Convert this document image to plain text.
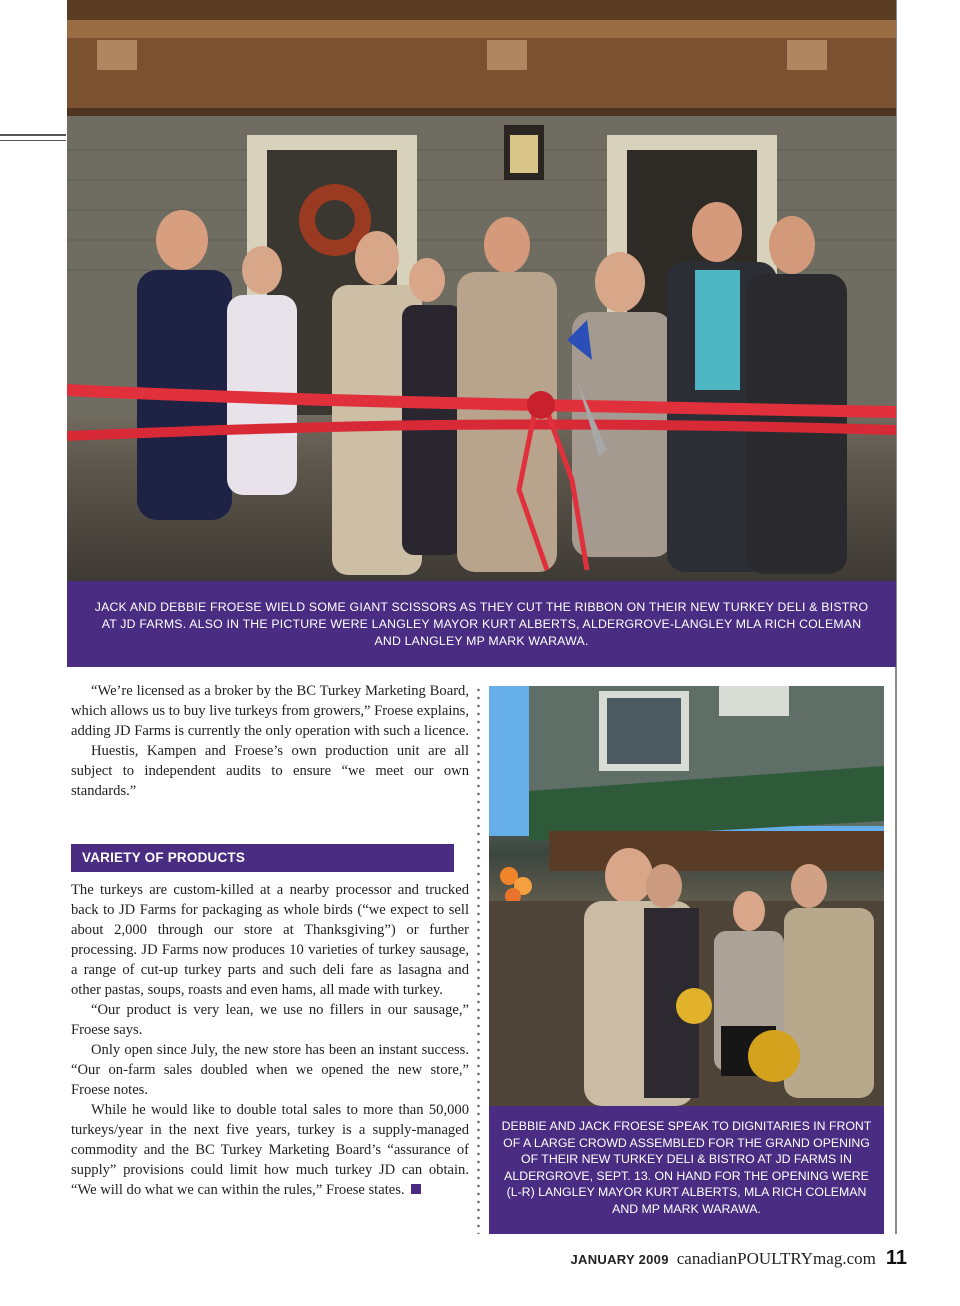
JACK AND DEBBIE FROESE WIELD SOME GIANT SCISSORS AS THEY CUT THE RIBBON ON THEIR NEW TURKEY DELI & BISTRO AT JD FARMS. ALSO IN THE PICTURE WERE LANGLEY MAYOR KURT ALBERTS, ALDERGROVE-LANGLEY MLA RICH COLEMAN AND LANGLEY MP MARK WARAWA.

“We’re licensed as a broker by the BC Turkey Marketing Board, which allows us to buy live turkeys from growers,” Froese explains, adding JD Farms is currently the only operation with such a licence.

Huestis, Kampen and Froese’s own production unit are all subject to independent audits to ensure “we meet our own standards.”

VARIETY OF PRODUCTS

The turkeys are custom-killed at a nearby processor and trucked back to JD Farms for packaging as whole birds (“we expect to sell about 2,000 through our store at Thanksgiving”) or further processing. JD Farms now produces 10 varieties of turkey sausage, a range of cut-up turkey parts and such deli fare as lasagna and other pastas, soups, roasts and even hams, all made with turkey.

“Our product is very lean, we use no fillers in our sausage,” Froese says.

Only open since July, the new store has been an instant success. “Our on-farm sales doubled when we opened the new store,” Froese notes.

While he would like to double total sales to more than 50,000 turkeys/year in the next five years, turkey is a supply-managed commodity and the BC Turkey Marketing Board’s “assurance of supply” provisions could limit how much turkey JD can obtain. “We will do what we can within the rules,” Froese states.

DEBBIE AND JACK FROESE SPEAK TO DIGNITARIES IN FRONT OF A LARGE CROWD ASSEMBLED FOR THE GRAND OPENING OF THEIR NEW TURKEY DELI & BISTRO AT JD FARMS IN ALDERGROVE, SEPT. 13. ON HAND FOR THE OPENING WERE (L-R) LANGLEY MAYOR KURT ALBERTS, MLA RICH COLEMAN AND MP MARK WARAWA.
JANUARY 2009 canadianPOULTRYmag.com 11
